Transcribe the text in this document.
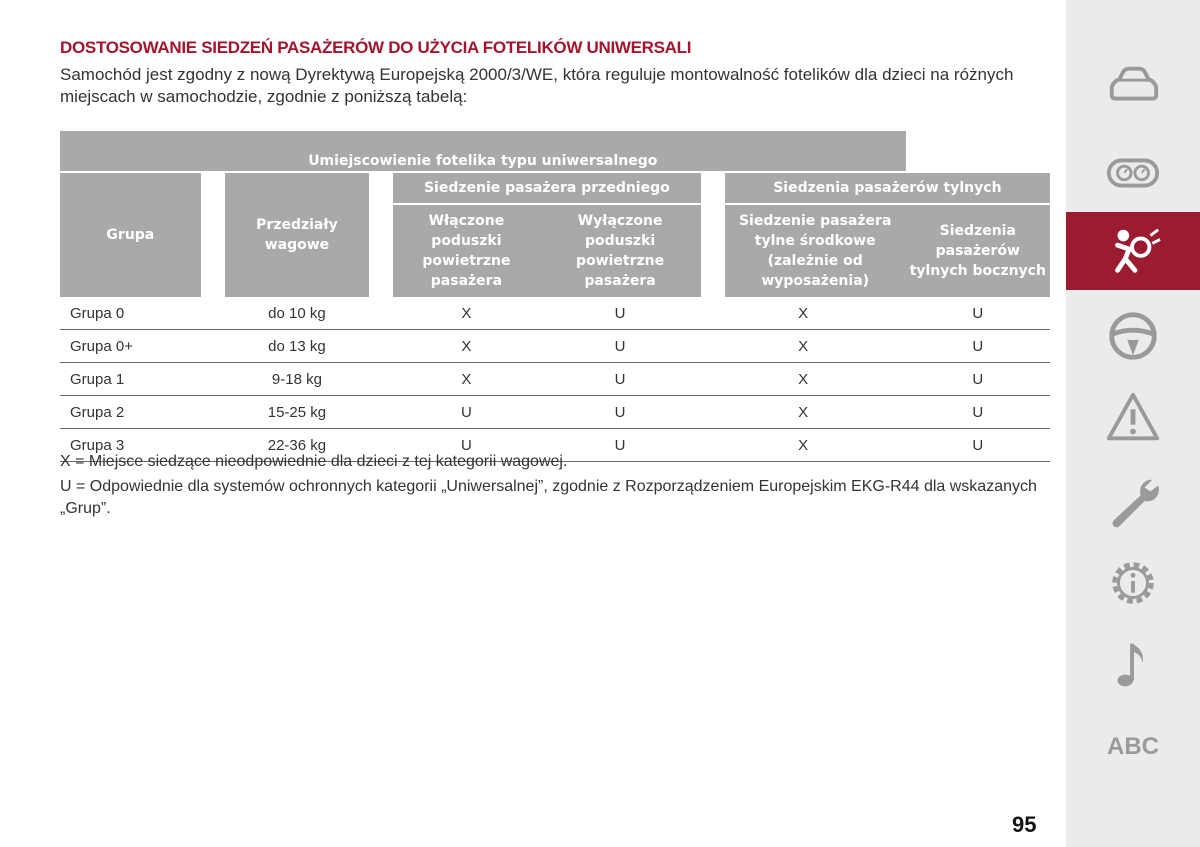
DOSTOSOWANIE SIEDZEŃ PASAŻERÓW DO UŻYCIA FOTELIKÓW UNIWERSALI

Samochód jest zgodny z nową Dyrektywą Europejską 2000/3/WE, która reguluje montowalność fotelików dla dzieci na różnych miejscach w samochodzie, zgodnie z poniższą tabelą:

Umiejscowienie fotelika typu uniwersalnego								
Grupa		Przedziały wagowe		Siedzenie pasażera przedniego			Siedzenia pasażerów tylnych	
				Włączone poduszki powietrzne pasażera	Wyłączone poduszki powietrzne pasażera		Siedzenie pasażera tylne środkowe (zależnie od wyposażenia)	Siedzenia pasażerów tylnych bocznych
Grupa 0	do 10 kg			X	U	X		U
Grupa 0+	do 13 kg			X	U	X		U
Grupa 1	9-18 kg			X	U	X		U
Grupa 2	15-25 kg			U	U	X		U
Grupa 3	22-36 kg			U	U	X		U

X = Miejsce siedzące nieodpowiednie dla dzieci z tej kategorii wagowej.

U = Odpowiednie dla systemów ochronnych kategorii „Uniwersalnej”, zgodnie z Rozporządzeniem Europejskim EKG-R44 dla wskazanych „Grup”.

ABC
95
